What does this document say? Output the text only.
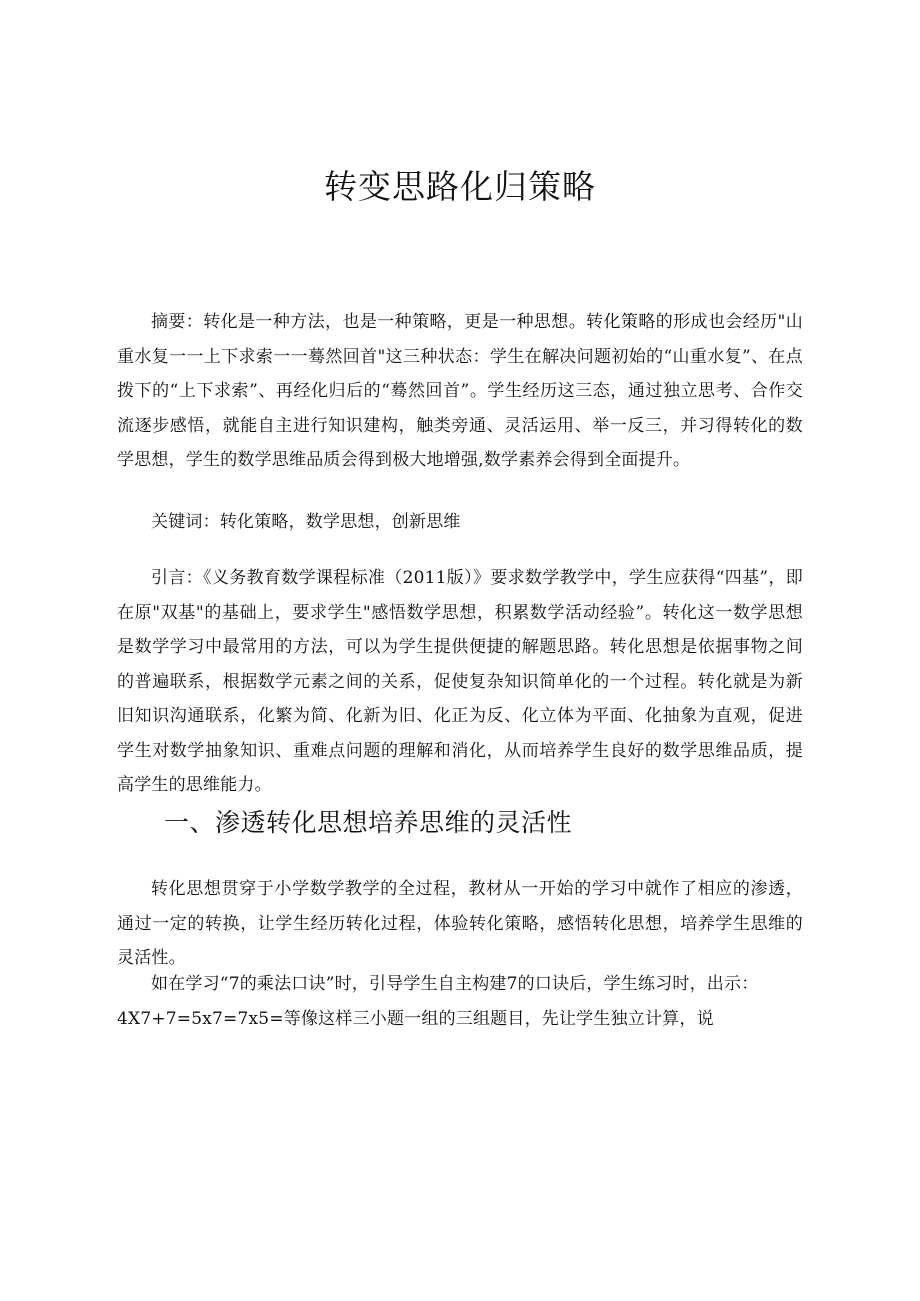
转变思路化归策略

摘要：转化是一种方法，也是一种策略，更是一种思想。转化策略的形成也会经历"山重水复一一上下求索一一蓦然回首"这三种状态：学生在解决问题初始的“山重水复”、在点拨下的“上下求索”、再经化归后的“蓦然回首”。学生经历这三态，通过独立思考、合作交流逐步感悟，就能自主进行知识建构，触类旁通、灵活运用、举一反三，并习得转化的数学思想，学生的数学思维品质会得到极大地增强,数学素养会得到全面提升。

关键词：转化策略，数学思想，创新思维

引言：《义务教育数学课程标准（2011版）》要求数学教学中，学生应获得“四基”，即在原"双基"的基础上，要求学生"感悟数学思想，积累数学活动经验”。转化这一数学思想是数学学习中最常用的方法，可以为学生提供便捷的解题思路。转化思想是依据事物之间的普遍联系，根据数学元素之间的关系，促使复杂知识简单化的一个过程。转化就是为新旧知识沟通联系，化繁为简、化新为旧、化正为反、化立体为平面、化抽象为直观，促进学生对数学抽象知识、重难点问题的理解和消化，从而培养学生良好的数学思维品质，提高学生的思维能力。

一、渗透转化思想培养思维的灵活性

转化思想贯穿于小学数学教学的全过程，教材从一开始的学习中就作了相应的渗透，通过一定的转换，让学生经历转化过程，体验转化策略，感悟转化思想，培养学生思维的灵活性。

如在学习“7的乘法口诀”时，引导学生自主构建7的口诀后，学生练习时，出示：

4X7+7=5x7=7x5=等像这样三小题一组的三组题目，先让学生独立计算，说
